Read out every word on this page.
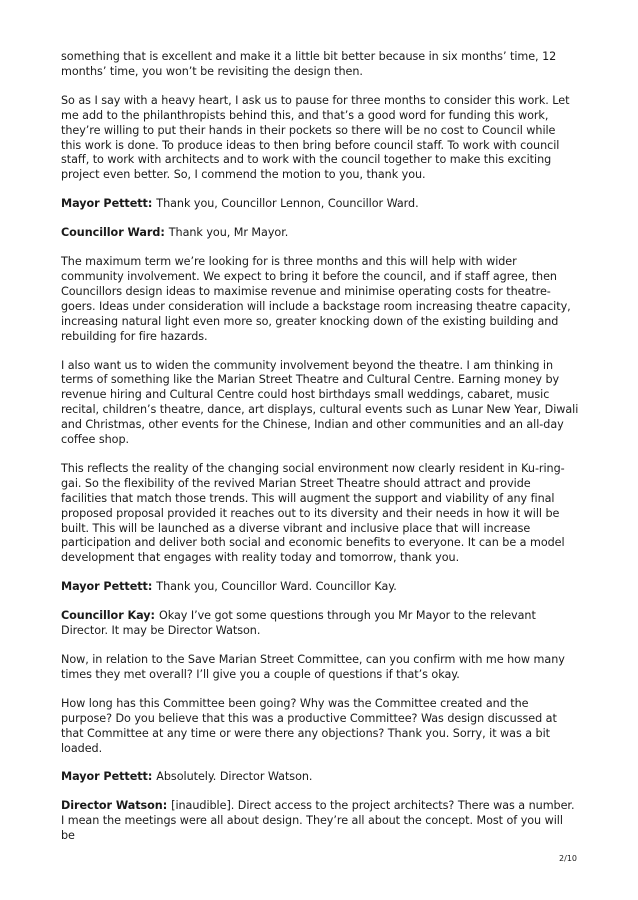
something that is excellent and make it a little bit better because in six months’ time, 12 months’ time, you won’t be revisiting the design then.

So as I say with a heavy heart, I ask us to pause for three months to consider this work. Let me add to the philanthropists behind this, and that’s a good word for funding this work, they’re willing to put their hands in their pockets so there will be no cost to Council while this work is done. To produce ideas to then bring before council staff. To work with council staff, to work with architects and to work with the council together to make this exciting project even better. So, I commend the motion to you, thank you.

Mayor Pettett: Thank you, Councillor Lennon, Councillor Ward.

Councillor Ward: Thank you, Mr Mayor.

The maximum term we’re looking for is three months and this will help with wider community involvement. We expect to bring it before the council, and if staff agree, then Councillors design ideas to maximise revenue and minimise operating costs for theatre-goers. Ideas under consideration will include a backstage room increasing theatre capacity, increasing natural light even more so, greater knocking down of the existing building and rebuilding for fire hazards.

I also want us to widen the community involvement beyond the theatre. I am thinking in terms of something like the Marian Street Theatre and Cultural Centre. Earning money by revenue hiring and Cultural Centre could host birthdays small weddings, cabaret, music recital, children’s theatre, dance, art displays, cultural events such as Lunar New Year, Diwali and Christmas, other events for the Chinese, Indian and other communities and an all-day coffee shop.

This reflects the reality of the changing social environment now clearly resident in Ku-ring-gai. So the flexibility of the revived Marian Street Theatre should attract and provide facilities that match those trends. This will augment the support and viability of any final proposed proposal provided it reaches out to its diversity and their needs in how it will be built. This will be launched as a diverse vibrant and inclusive place that will increase participation and deliver both social and economic benefits to everyone. It can be a model development that engages with reality today and tomorrow, thank you.

Mayor Pettett: Thank you, Councillor Ward. Councillor Kay.

Councillor Kay: Okay I’ve got some questions through you Mr Mayor to the relevant Director. It may be Director Watson.

Now, in relation to the Save Marian Street Committee, can you confirm with me how many times they met overall? I’ll give you a couple of questions if that’s okay.

How long has this Committee been going? Why was the Committee created and the purpose? Do you believe that this was a productive Committee? Was design discussed at that Committee at any time or were there any objections? Thank you. Sorry, it was a bit loaded.

Mayor Pettett: Absolutely. Director Watson.

Director Watson: [inaudible]. Direct access to the project architects? There was a number. I mean the meetings were all about design. They’re all about the concept. Most of you will be

2/10
